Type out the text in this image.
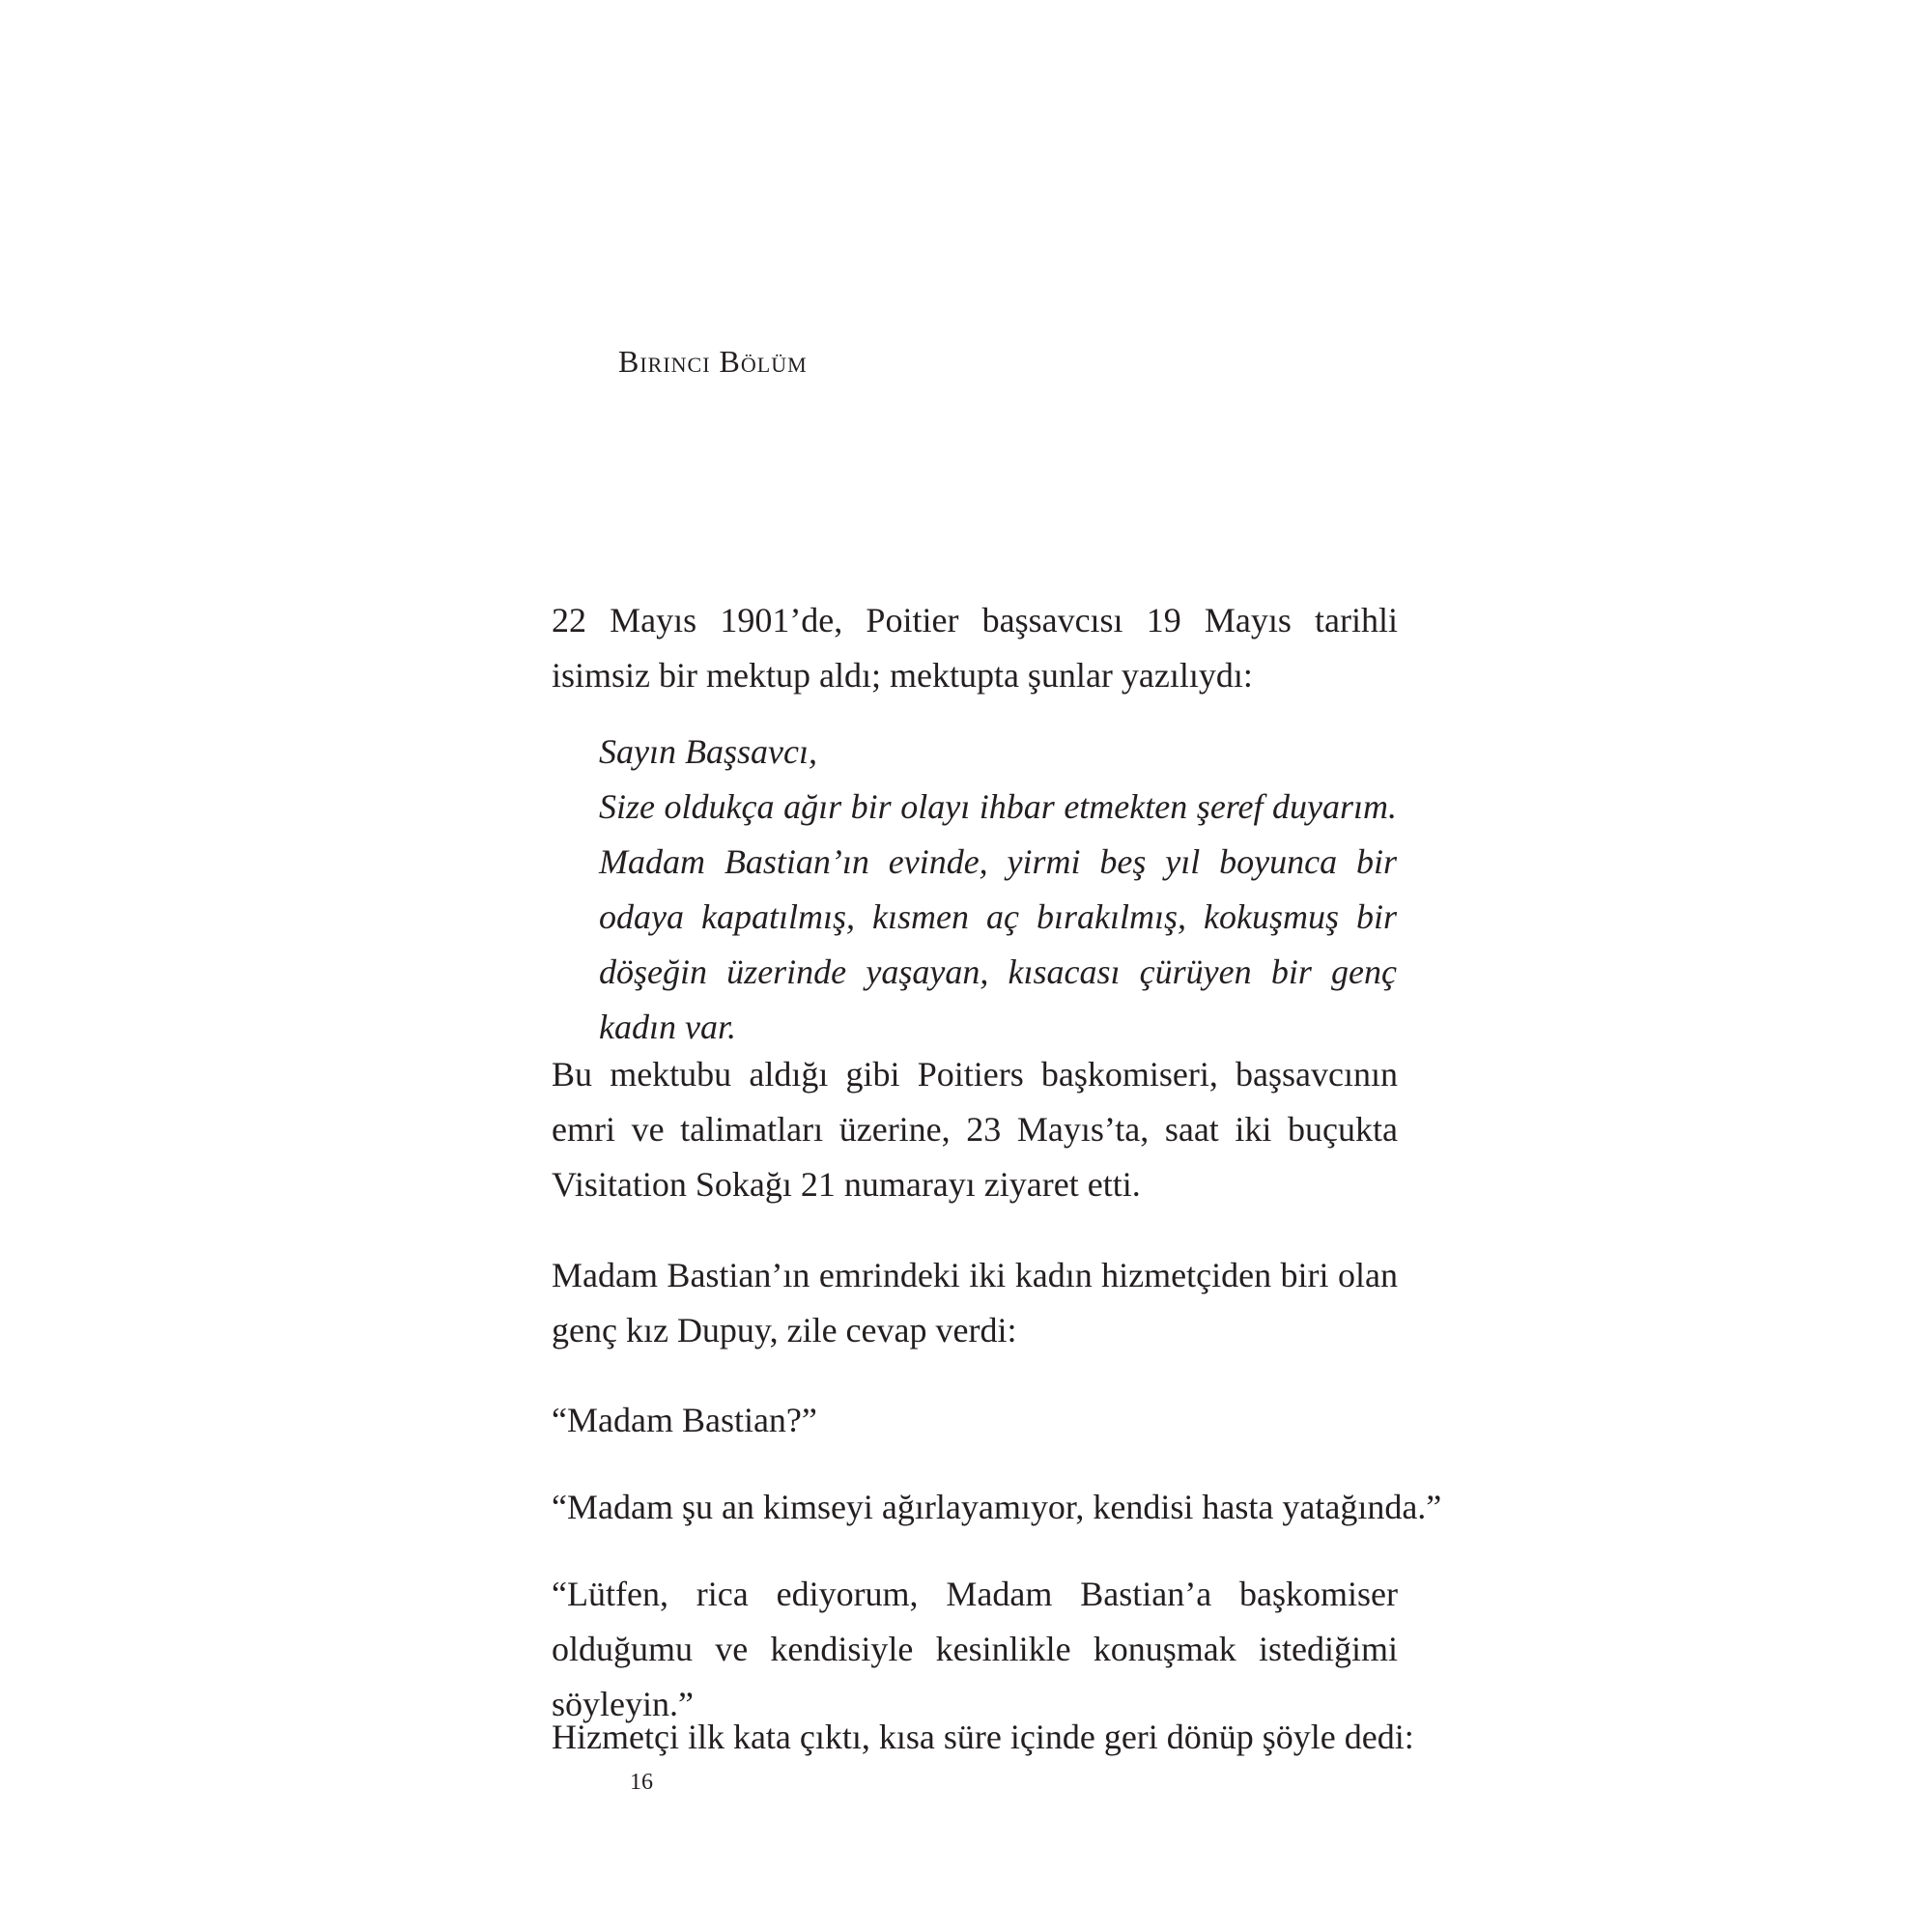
Birinci Bölüm

22 Mayıs 1901’de, Poitier başsavcısı 19 Mayıs tarihli isimsiz bir mektup aldı; mektupta şunlar yazılıydı:

Sayın Başsavcı,

Size oldukça ağır bir olayı ihbar etmekten şeref duyarım. Madam Bastian’ın evinde, yirmi beş yıl boyunca bir odaya kapatılmış, kısmen aç bırakılmış, kokuşmuş bir döşeğin üzerinde yaşayan, kısacası çürüyen bir genç kadın var.

Bu mektubu aldığı gibi Poitiers başkomiseri, başsavcının emri ve talimatları üzerine, 23 Mayıs’ta, saat iki buçukta Visitation Sokağı 21 numarayı ziyaret etti.

Madam Bastian’ın emrindeki iki kadın hizmetçiden biri olan genç kız Dupuy, zile cevap verdi:

“Madam Bastian?”

“Madam şu an kimseyi ağırlayamıyor, kendisi hasta yatağında.”

“Lütfen, rica ediyorum, Madam Bastian’a başkomiser olduğumu ve kendisiyle kesinlikle konuşmak istediğimi söyleyin.”

Hizmetçi ilk kata çıktı, kısa süre içinde geri dönüp şöyle dedi:

16
